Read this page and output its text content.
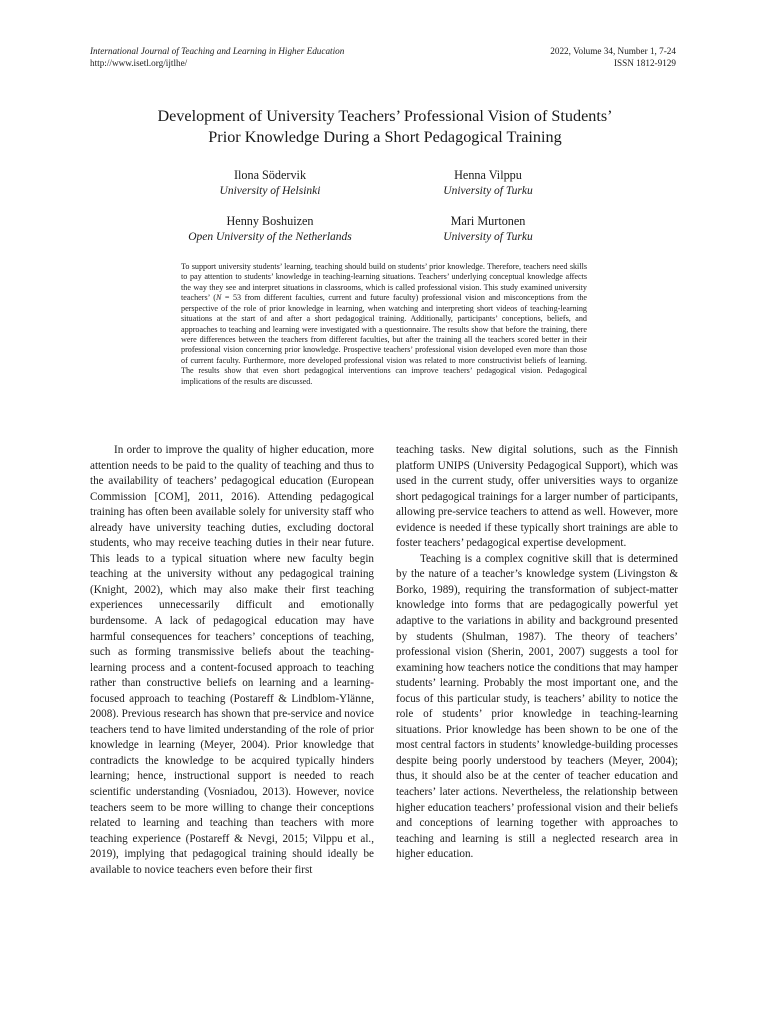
International Journal of Teaching and Learning in Higher Education
http://www.isetl.org/ijtlhe/
2022, Volume 34, Number 1, 7-24
ISSN 1812-9129
Development of University Teachers’ Professional Vision of Students’
Prior Knowledge During a Short Pedagogical Training
Ilona Södervik
University of Helsinki
Henna Vilppu
University of Turku
Henny Boshuizen
Open University of the Netherlands
Mari Murtonen
University of Turku

To support university students’ learning, teaching should build on students’ prior knowledge. Therefore, teachers need skills to pay attention to students’ knowledge in teaching-learning situations. Teachers’ underlying conceptual knowledge affects the way they see and interpret situations in classrooms, which is called professional vision. This study examined university teachers’ (N = 53 from different faculties, current and future faculty) professional vision and misconceptions from the perspective of the role of prior knowledge in learning, when watching and interpreting short videos of teaching-learning situations at the start of and after a short pedagogical training. Additionally, participants’ conceptions, beliefs, and approaches to teaching and learning were investigated with a questionnaire. The results show that before the training, there were differences between the teachers from different faculties, but after the training all the teachers scored better in their professional vision concerning prior knowledge. Prospective teachers’ professional vision developed even more than those of current faculty. Furthermore, more developed professional vision was related to more constructivist beliefs of learning. The results show that even short pedagogical interventions can improve teachers’ pedagogical vision. Pedagogical implications of the results are discussed.

In order to improve the quality of higher education, more attention needs to be paid to the quality of teaching and thus to the availability of teachers’ pedagogical education (European Commission [COM], 2011, 2016). Attending pedagogical training has often been available solely for university staff who already have university teaching duties, excluding doctoral students, who may receive teaching duties in their near future. This leads to a typical situation where new faculty begin teaching at the university without any pedagogical training (Knight, 2002), which may also make their first teaching experiences unnecessarily difficult and emotionally burdensome. A lack of pedagogical education may have harmful consequences for teachers’ conceptions of teaching, such as forming transmissive beliefs about the teaching-learning process and a content-focused approach to teaching rather than constructive beliefs on learning and a learning-focused approach to teaching (Postareff & Lindblom-Ylänne, 2008). Previous research has shown that pre-service and novice teachers tend to have limited understanding of the role of prior knowledge in learning (Meyer, 2004). Prior knowledge that contradicts the knowledge to be acquired typically hinders learning; hence, instructional support is needed to reach scientific understanding (Vosniadou, 2013). However, novice teachers seem to be more willing to change their conceptions related to learning and teaching than teachers with more teaching experience (Postareff & Nevgi, 2015; Vilppu et al., 2019), implying that pedagogical training should ideally be available to novice teachers even before their first

teaching tasks. New digital solutions, such as the Finnish platform UNIPS (University Pedagogical Support), which was used in the current study, offer universities ways to organize short pedagogical trainings for a larger number of participants, allowing pre-service teachers to attend as well. However, more evidence is needed if these typically short trainings are able to foster teachers’ pedagogical expertise development.

Teaching is a complex cognitive skill that is determined by the nature of a teacher’s knowledge system (Livingston & Borko, 1989), requiring the transformation of subject-matter knowledge into forms that are pedagogically powerful yet adaptive to the variations in ability and background presented by students (Shulman, 1987). The theory of teachers’ professional vision (Sherin, 2001, 2007) suggests a tool for examining how teachers notice the conditions that may hamper students’ learning. Probably the most important one, and the focus of this particular study, is teachers’ ability to notice the role of students’ prior knowledge in teaching-learning situations. Prior knowledge has been shown to be one of the most central factors in students’ knowledge-building processes despite being poorly understood by teachers (Meyer, 2004); thus, it should also be at the center of teacher education and teachers’ later actions. Nevertheless, the relationship between higher education teachers’ professional vision and their beliefs and conceptions of learning together with approaches to teaching and learning is still a neglected research area in higher education.
